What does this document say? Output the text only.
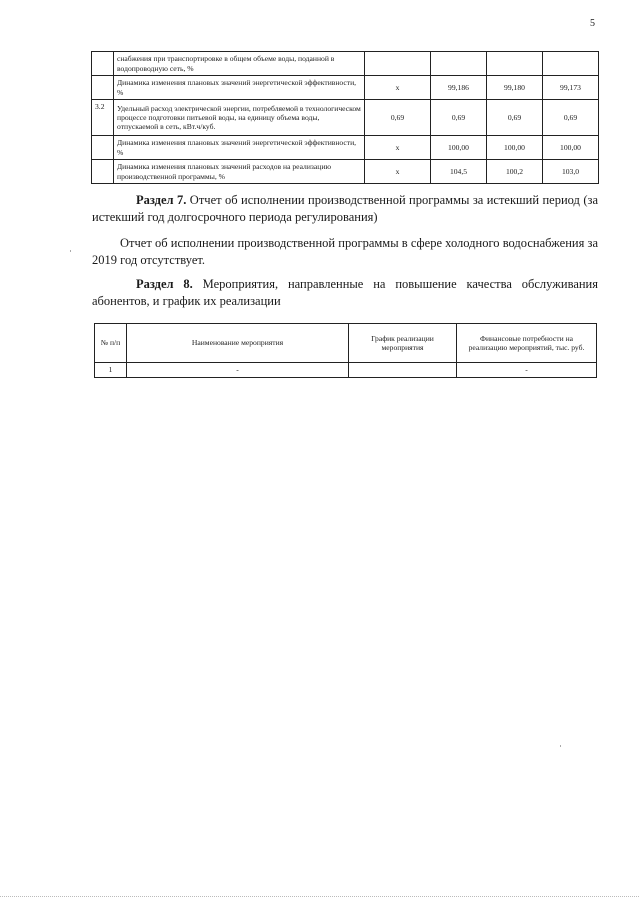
5
	снабжения при транспортировке в общем объеме воды, поданной в водопроводную сеть, %				
	Динамика изменения плановых значений энергетической эффективности, %	х	99,186	99,180	99,173
3.2	Удельный расход электрической энергии, потребляемой в технологическом процессе подготовки питьевой воды, на единицу объема воды, отпускаемой в сеть, кВт.ч/куб.	0,69	0,69	0,69	0,69
	Динамика изменения плановых значений энергетической эффективности, %	х	100,00	100,00	100,00
	Динамика изменения плановых значений расходов на реализацию производственной программы, %	х	104,5	100,2	103,0
Раздел 7. Отчет об исполнении производственной программы за истекший период (за истекший год долгосрочного периода регулирования)
Отчет об исполнении производственной программы в сфере холодного водоснабжения за 2019 год отсутствует.
Раздел 8. Мероприятия, направленные на повышение качества обслуживания абонентов, и график их реализации
№ п/п	Наименование мероприятия	График реализации мероприятия	Финансовые потребности на реализацию мероприятий, тыс. руб.
1	-		-
